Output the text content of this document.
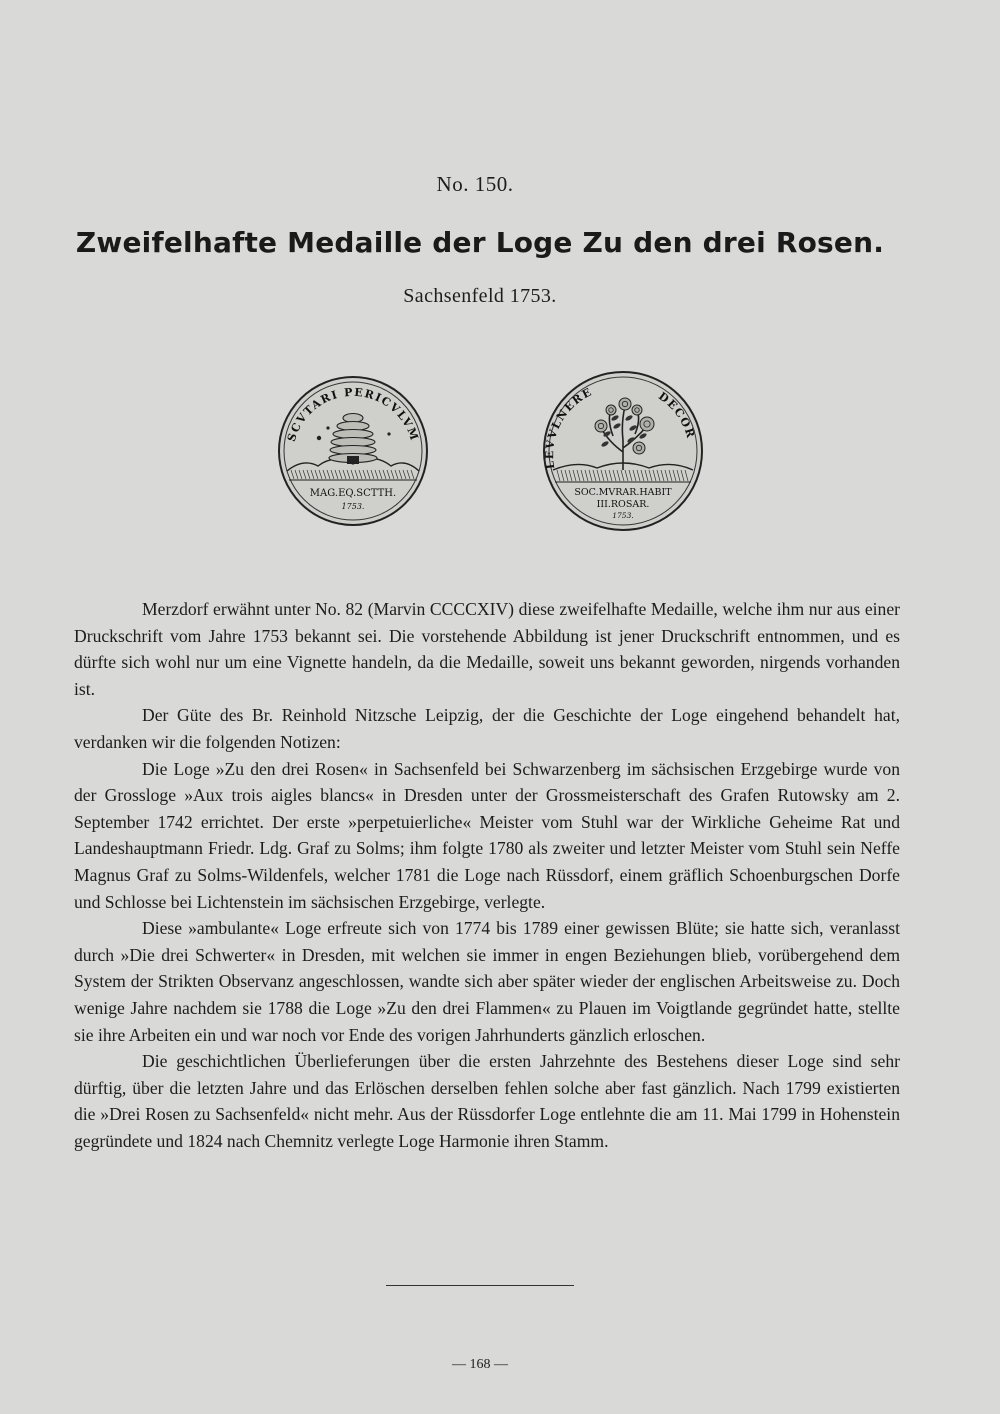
No. 150.
Zweifelhafte Medaille der Loge Zu den drei Rosen.
Sachsenfeld 1753.
SCVTARI PERICVLVM
MAG.EQ.SCTTH.
1753.
LEVVLNERE	DECOR
SOC.MVRAR.HABIT
III.ROSAR.
1753.

Merzdorf erwähnt unter No. 82 (Marvin CCCCXIV) diese zweifelhafte Medaille, welche ihm nur aus einer Druckschrift vom Jahre 1753 bekannt sei. Die vorstehende Abbildung ist jener Druckschrift entnommen, und es dürfte sich wohl nur um eine Vignette handeln, da die Medaille, soweit uns bekannt geworden, nirgends vorhanden ist.

Der Güte des Br. Reinhold Nitzsche Leipzig, der die Geschichte der Loge eingehend behandelt hat, verdanken wir die folgenden Notizen:

Die Loge »Zu den drei Rosen« in Sachsenfeld bei Schwarzenberg im sächsischen Erzgebirge wurde von der Grossloge »Aux trois aigles blancs« in Dresden unter der Grossmeisterschaft des Grafen Rutowsky am 2. September 1742 errichtet. Der erste »perpetuierliche« Meister vom Stuhl war der Wirkliche Geheime Rat und Landeshauptmann Friedr. Ldg. Graf zu Solms; ihm folgte 1780 als zweiter und letzter Meister vom Stuhl sein Neffe Magnus Graf zu Solms-Wildenfels, welcher 1781 die Loge nach Rüssdorf, einem gräflich Schoenburgschen Dorfe und Schlosse bei Lichtenstein im sächsischen Erzgebirge, verlegte.

Diese »ambulante« Loge erfreute sich von 1774 bis 1789 einer gewissen Blüte; sie hatte sich, veranlasst durch »Die drei Schwerter« in Dresden, mit welchen sie immer in engen Beziehungen blieb, vorübergehend dem System der Strikten Observanz angeschlossen, wandte sich aber später wieder der englischen Arbeitsweise zu. Doch wenige Jahre nachdem sie 1788 die Loge »Zu den drei Flammen« zu Plauen im Voigtlande gegründet hatte, stellte sie ihre Arbeiten ein und war noch vor Ende des vorigen Jahrhunderts gänzlich erloschen.

Die geschichtlichen Überlieferungen über die ersten Jahrzehnte des Bestehens dieser Loge sind sehr dürftig, über die letzten Jahre und das Erlöschen derselben fehlen solche aber fast gänzlich. Nach 1799 existierten die »Drei Rosen zu Sachsenfeld« nicht mehr. Aus der Rüssdorfer Loge entlehnte die am 11. Mai 1799 in Hohenstein gegründete und 1824 nach Chemnitz verlegte Loge Harmonie ihren Stamm.

— 168 —
